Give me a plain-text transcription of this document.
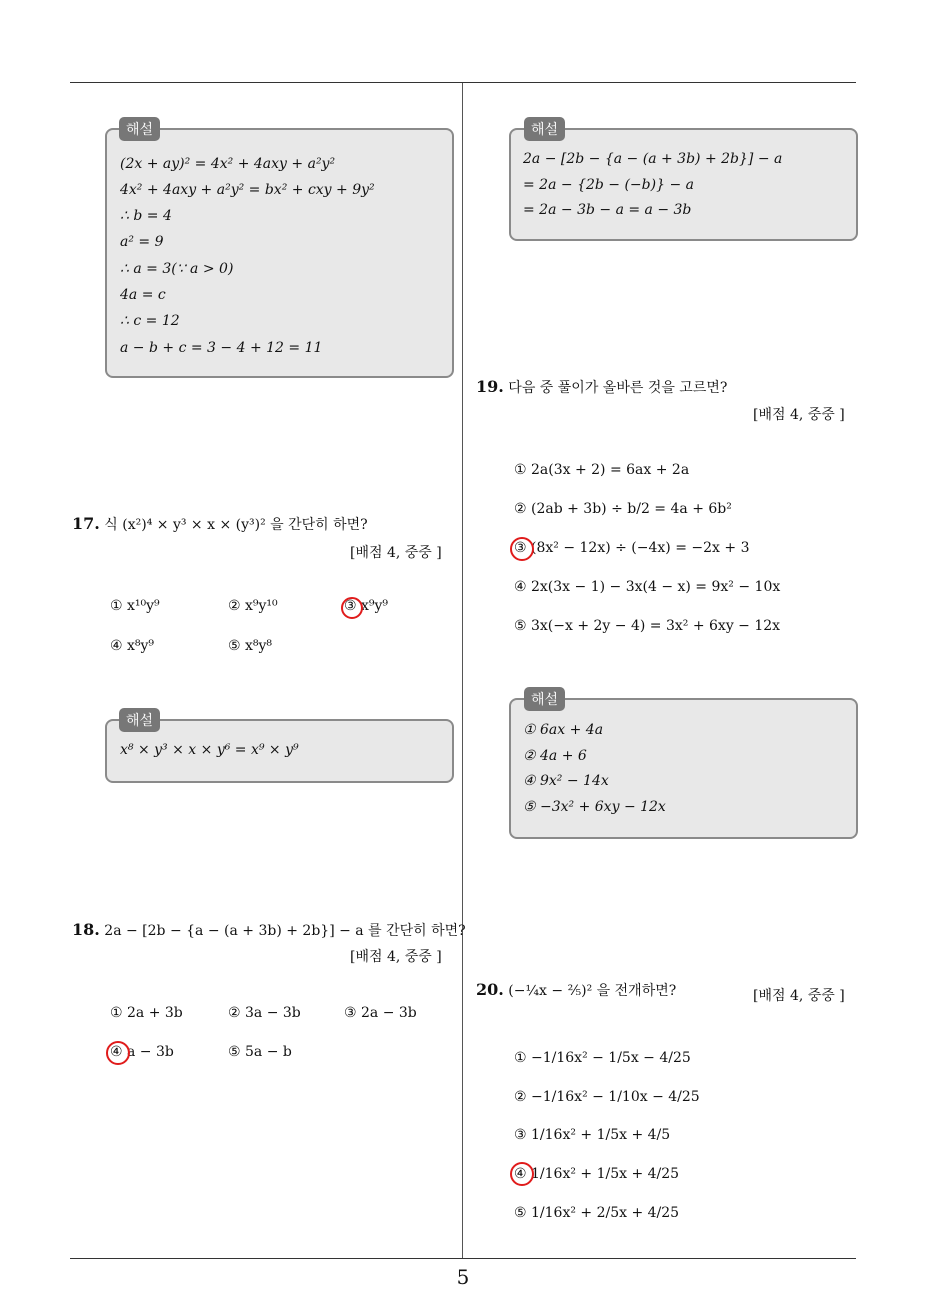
5
해설
(2x + ay)² = 4x² + 4axy + a²y²
4x² + 4axy + a²y² = bx² + cxy + 9y²
∴ b = 4
a² = 9
∴ a = 3(∵ a > 0)
4a = c
∴ c = 12
a − b + c = 3 − 4 + 12 = 11
17. 식 (x²)⁴ × y³ × x × (y³)² 을 간단히 하면?
[배점 4, 중중 ]
① x¹⁰y⁹	② x⁹y¹⁰	③ x⁹y⁹
④ x⁸y⁹	⑤ x⁸y⁸
해설
x⁸ × y³ × x × y⁶ = x⁹ × y⁹
18. 2a − [2b − {a − (a + 3b) + 2b}] − a 를 간단히 하면?
[배점 4, 중중 ]
① 2a + 3b	② 3a − 3b	③ 2a − 3b
④ a − 3b	⑤ 5a − b
해설
2a − [2b − {a − (a + 3b) + 2b}] − a
= 2a − {2b − (−b)} − a
= 2a − 3b − a = a − 3b
19. 다음 중 풀이가 올바른 것을 고르면?
[배점 4, 중중 ]
① 2a(3x + 2) = 6ax + 2a
② (2ab + 3b) ÷ b/2 = 4a + 6b²
③ (8x² − 12x) ÷ (−4x) = −2x + 3
④ 2x(3x − 1) − 3x(4 − x) = 9x² − 10x
⑤ 3x(−x + 2y − 4) = 3x² + 6xy − 12x
해설
① 6ax + 4a
② 4a + 6
④ 9x² − 14x
⑤ −3x² + 6xy − 12x
20. (−¼x − ⅖)² 을 전개하면?	[배점 4, 중중 ]
① −1/16x² − 1/5x − 4/25
② −1/16x² − 1/10x − 4/25
③ 1/16x² + 1/5x + 4/5
④ 1/16x² + 1/5x + 4/25
⑤ 1/16x² + 2/5x + 4/25
